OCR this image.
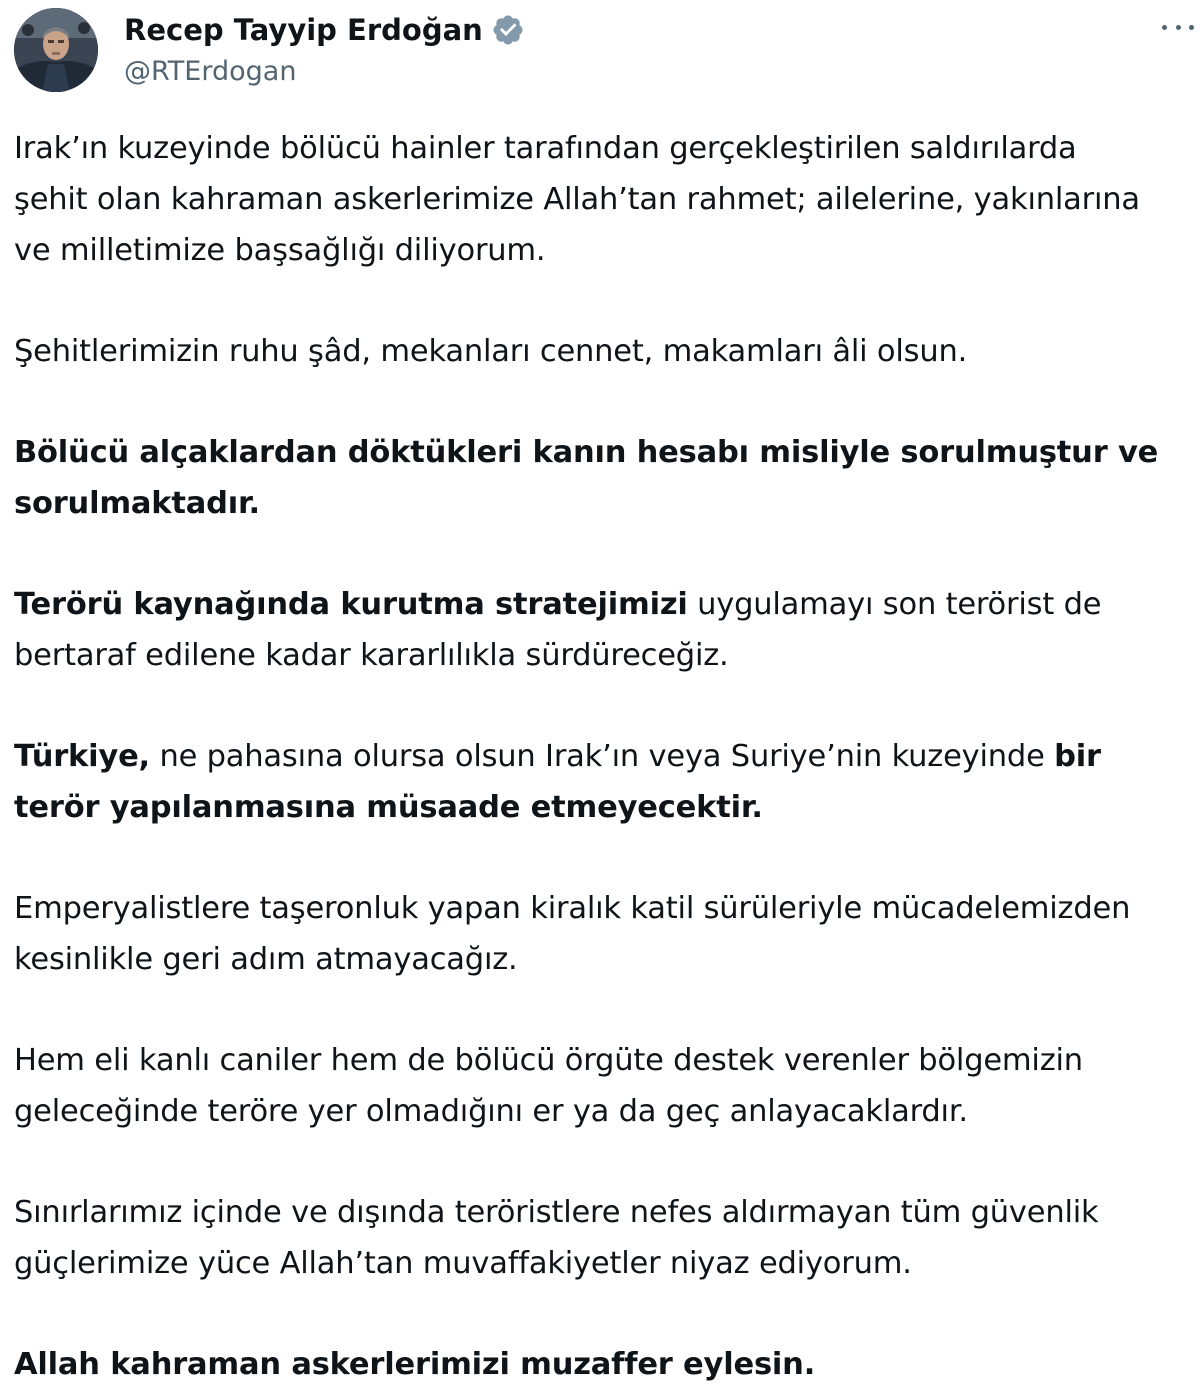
Recep Tayyip Erdoğan
@RTErdogan

Irak’ın kuzeyinde bölücü hainler tarafından gerçekleştirilen saldırılarda
şehit olan kahraman askerlerimize Allah’tan rahmet; ailelerine, yakınlarına
ve milletimize başsağlığı diliyorum.

Şehitlerimizin ruhu şâd, mekanları cennet, makamları âli olsun.

Bölücü alçaklardan döktükleri kanın hesabı misliyle sorulmuştur ve
sorulmaktadır.

Terörü kaynağında kurutma stratejimizi uygulamayı son terörist de
bertaraf edilene kadar kararlılıkla sürdüreceğiz.

Türkiye, ne pahasına olursa olsun Irak’ın veya Suriye’nin kuzeyinde bir
terör yapılanmasına müsaade etmeyecektir.

Emperyalistlere taşeronluk yapan kiralık katil sürüleriyle mücadelemizden
kesinlikle geri adım atmayacağız.

Hem eli kanlı caniler hem de bölücü örgüte destek verenler bölgemizin
geleceğinde teröre yer olmadığını er ya da geç anlayacaklardır.

Sınırlarımız içinde ve dışında teröristlere nefes aldırmayan tüm güvenlik
güçlerimize yüce Allah’tan muvaffakiyetler niyaz ediyorum.

Allah kahraman askerlerimizi muzaffer eylesin.
